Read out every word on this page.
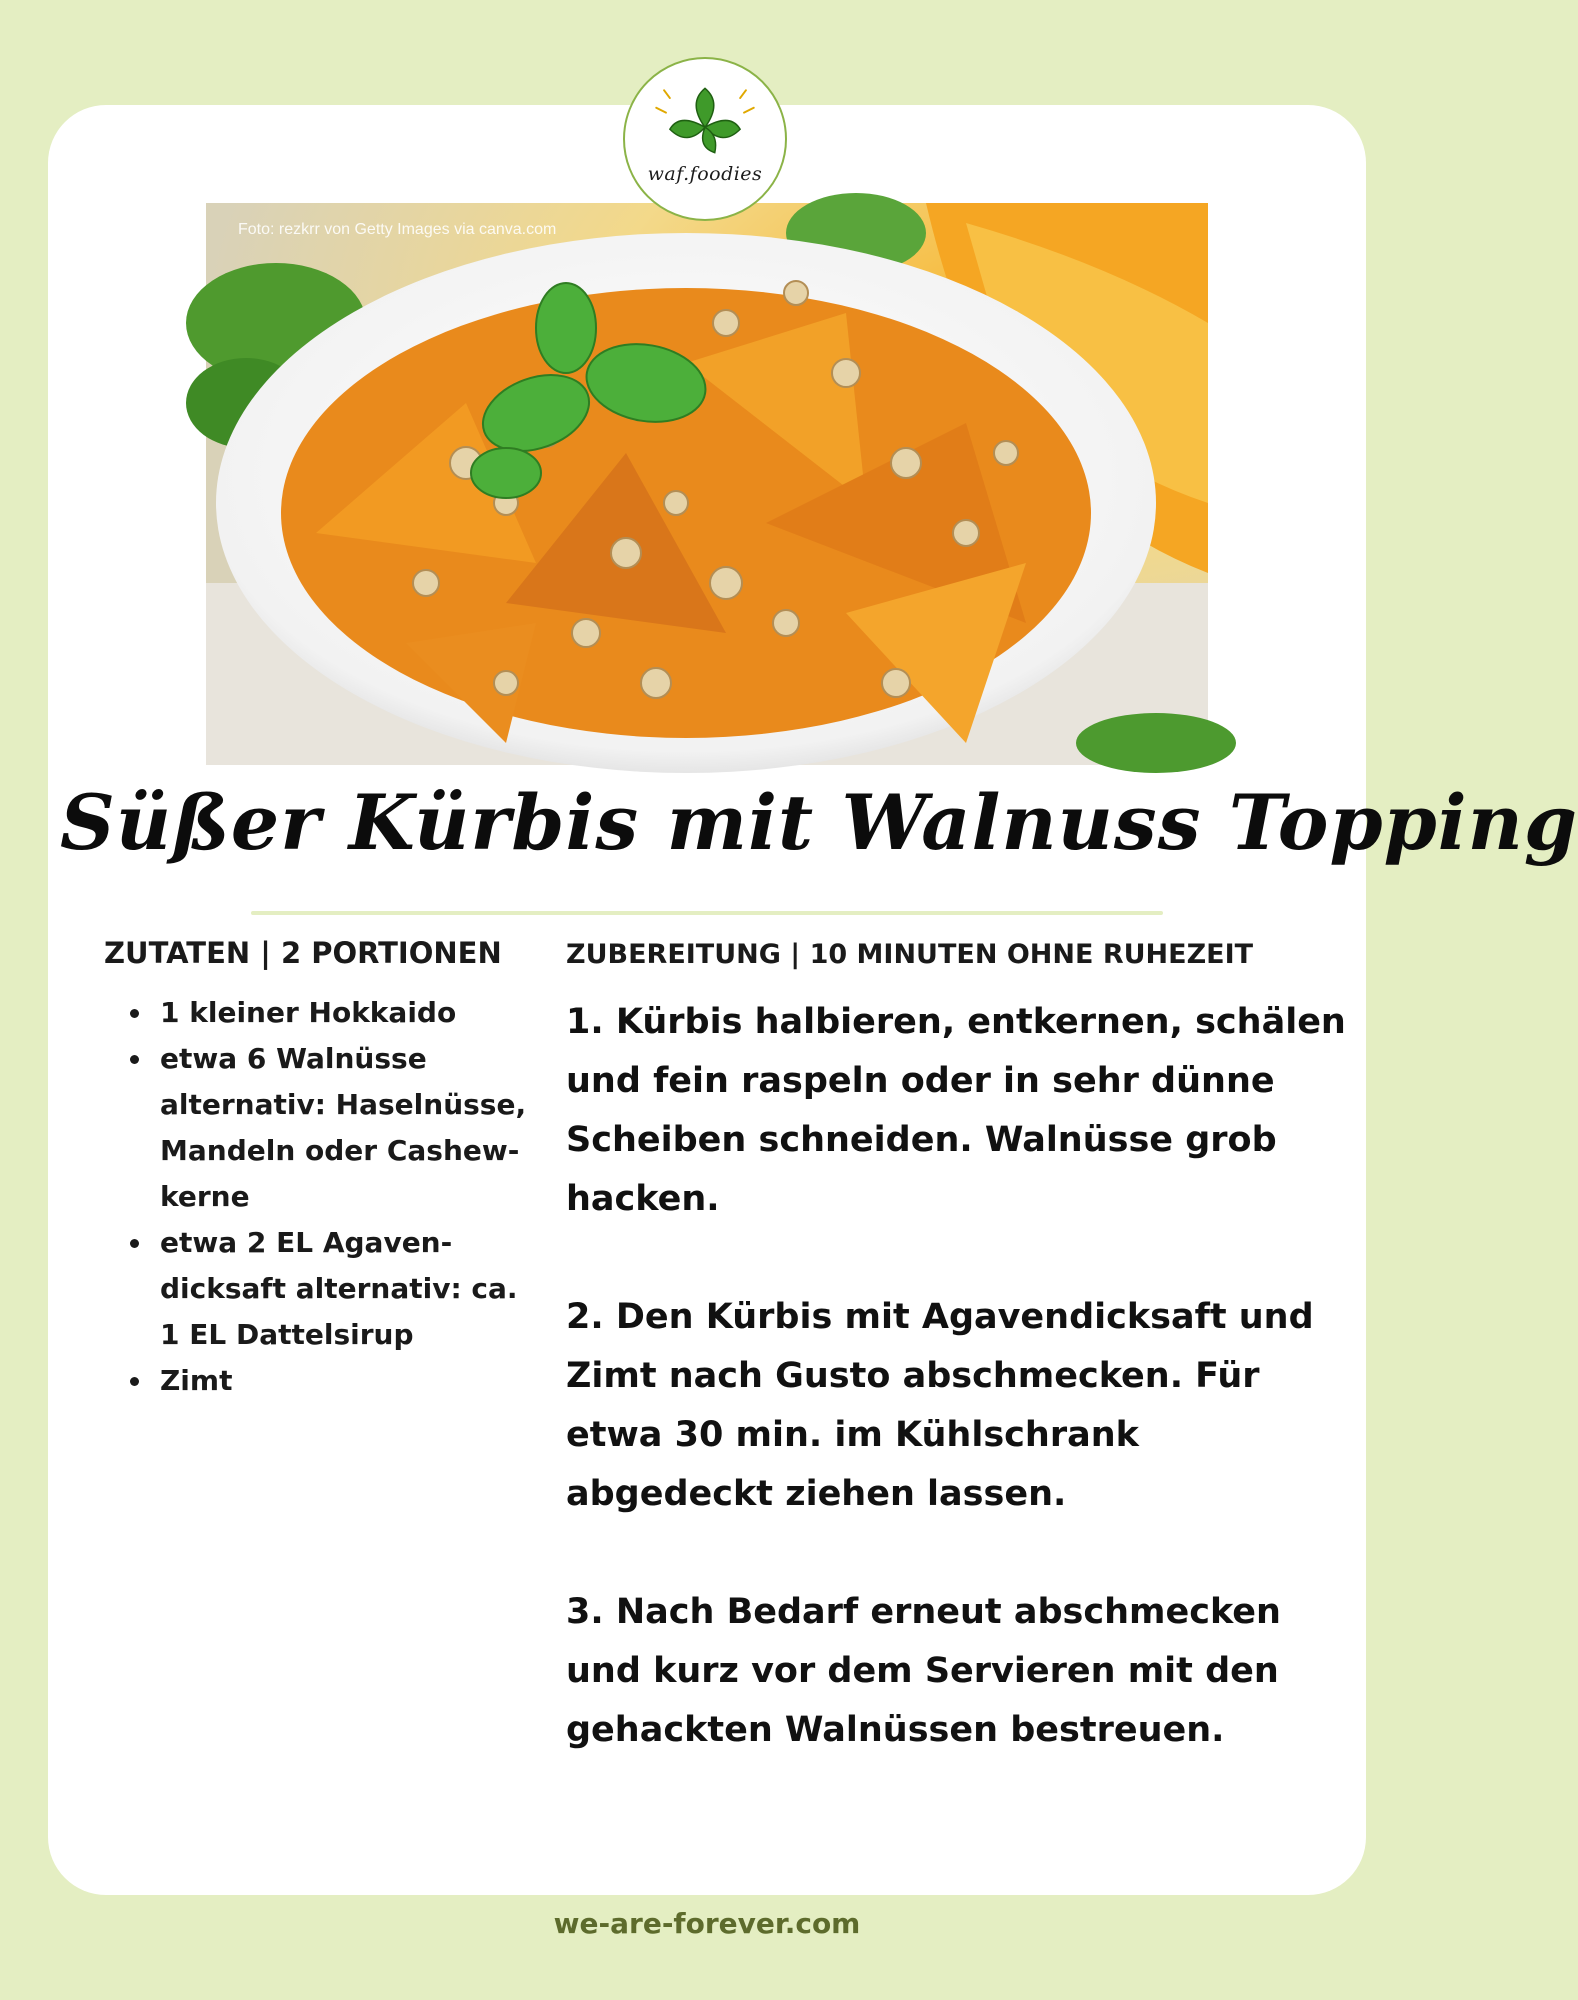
Foto: rezkrr von Getty Images via canva.com
waf.foodies
Süßer Kürbis mit Walnuss Topping
ZUTATEN | 2 PORTIONEN
1 kleiner Hokkaido
etwa 6 Walnüsse alternativ: Haselnüsse, Mandeln oder Cashew-kerne
etwa 2 EL Agaven-dicksaft alternativ: ca. 1 EL Dattelsirup
Zimt
ZUBEREITUNG | 10 MINUTEN OHNE RUHEZEIT

1. Kürbis halbieren, entkernen, schälen und fein raspeln oder in sehr dünne Scheiben schneiden. Walnüsse grob hacken.

2. Den Kürbis mit Agavendicksaft und Zimt nach Gusto abschmecken. Für etwa 30 min. im Kühlschrank abgedeckt ziehen lassen.

3. Nach Bedarf erneut abschmecken und kurz vor dem Servieren mit den gehackten Walnüssen bestreuen.

we-are-forever.com
